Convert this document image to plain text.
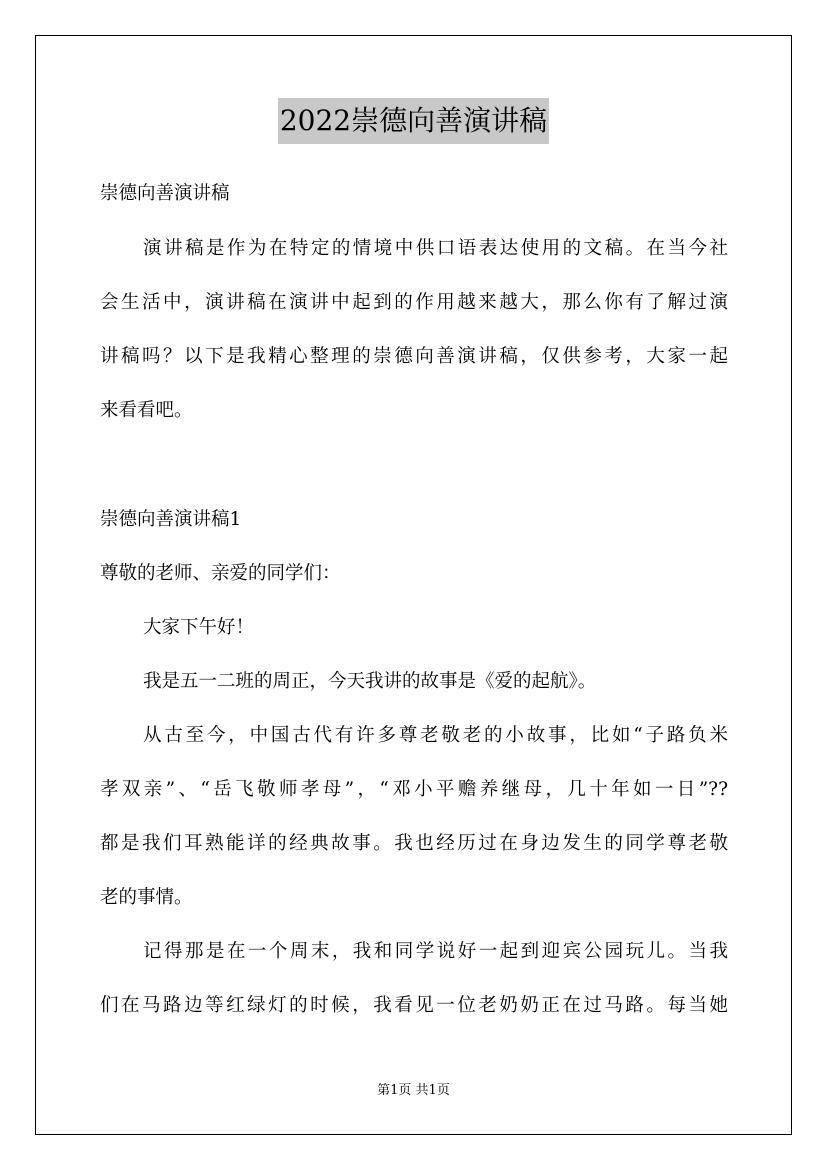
2022崇德向善演讲稿
崇德向善演讲稿
演讲稿是作为在特定的情境中供口语表达使用的文稿。在当今社
会生活中，演讲稿在演讲中起到的作用越来越大，那么你有了解过演
讲稿吗？以下是我精心整理的崇德向善演讲稿，仅供参考，大家一起
来看看吧。
崇德向善演讲稿1
尊敬的老师、亲爱的同学们：
大家下午好！
我是五一二班的周正，今天我讲的故事是《爱的起航》。
从古至今，中国古代有许多尊老敬老的小故事，比如“子路负米
孝双亲”、“岳飞敬师孝母”，“邓小平赡养继母，几十年如一日”??
都是我们耳熟能详的经典故事。我也经历过在身边发生的同学尊老敬
老的事情。
记得那是在一个周末，我和同学说好一起到迎宾公园玩儿。当我
们在马路边等红绿灯的时候，我看见一位老奶奶正在过马路。每当她
第1页 共1页
